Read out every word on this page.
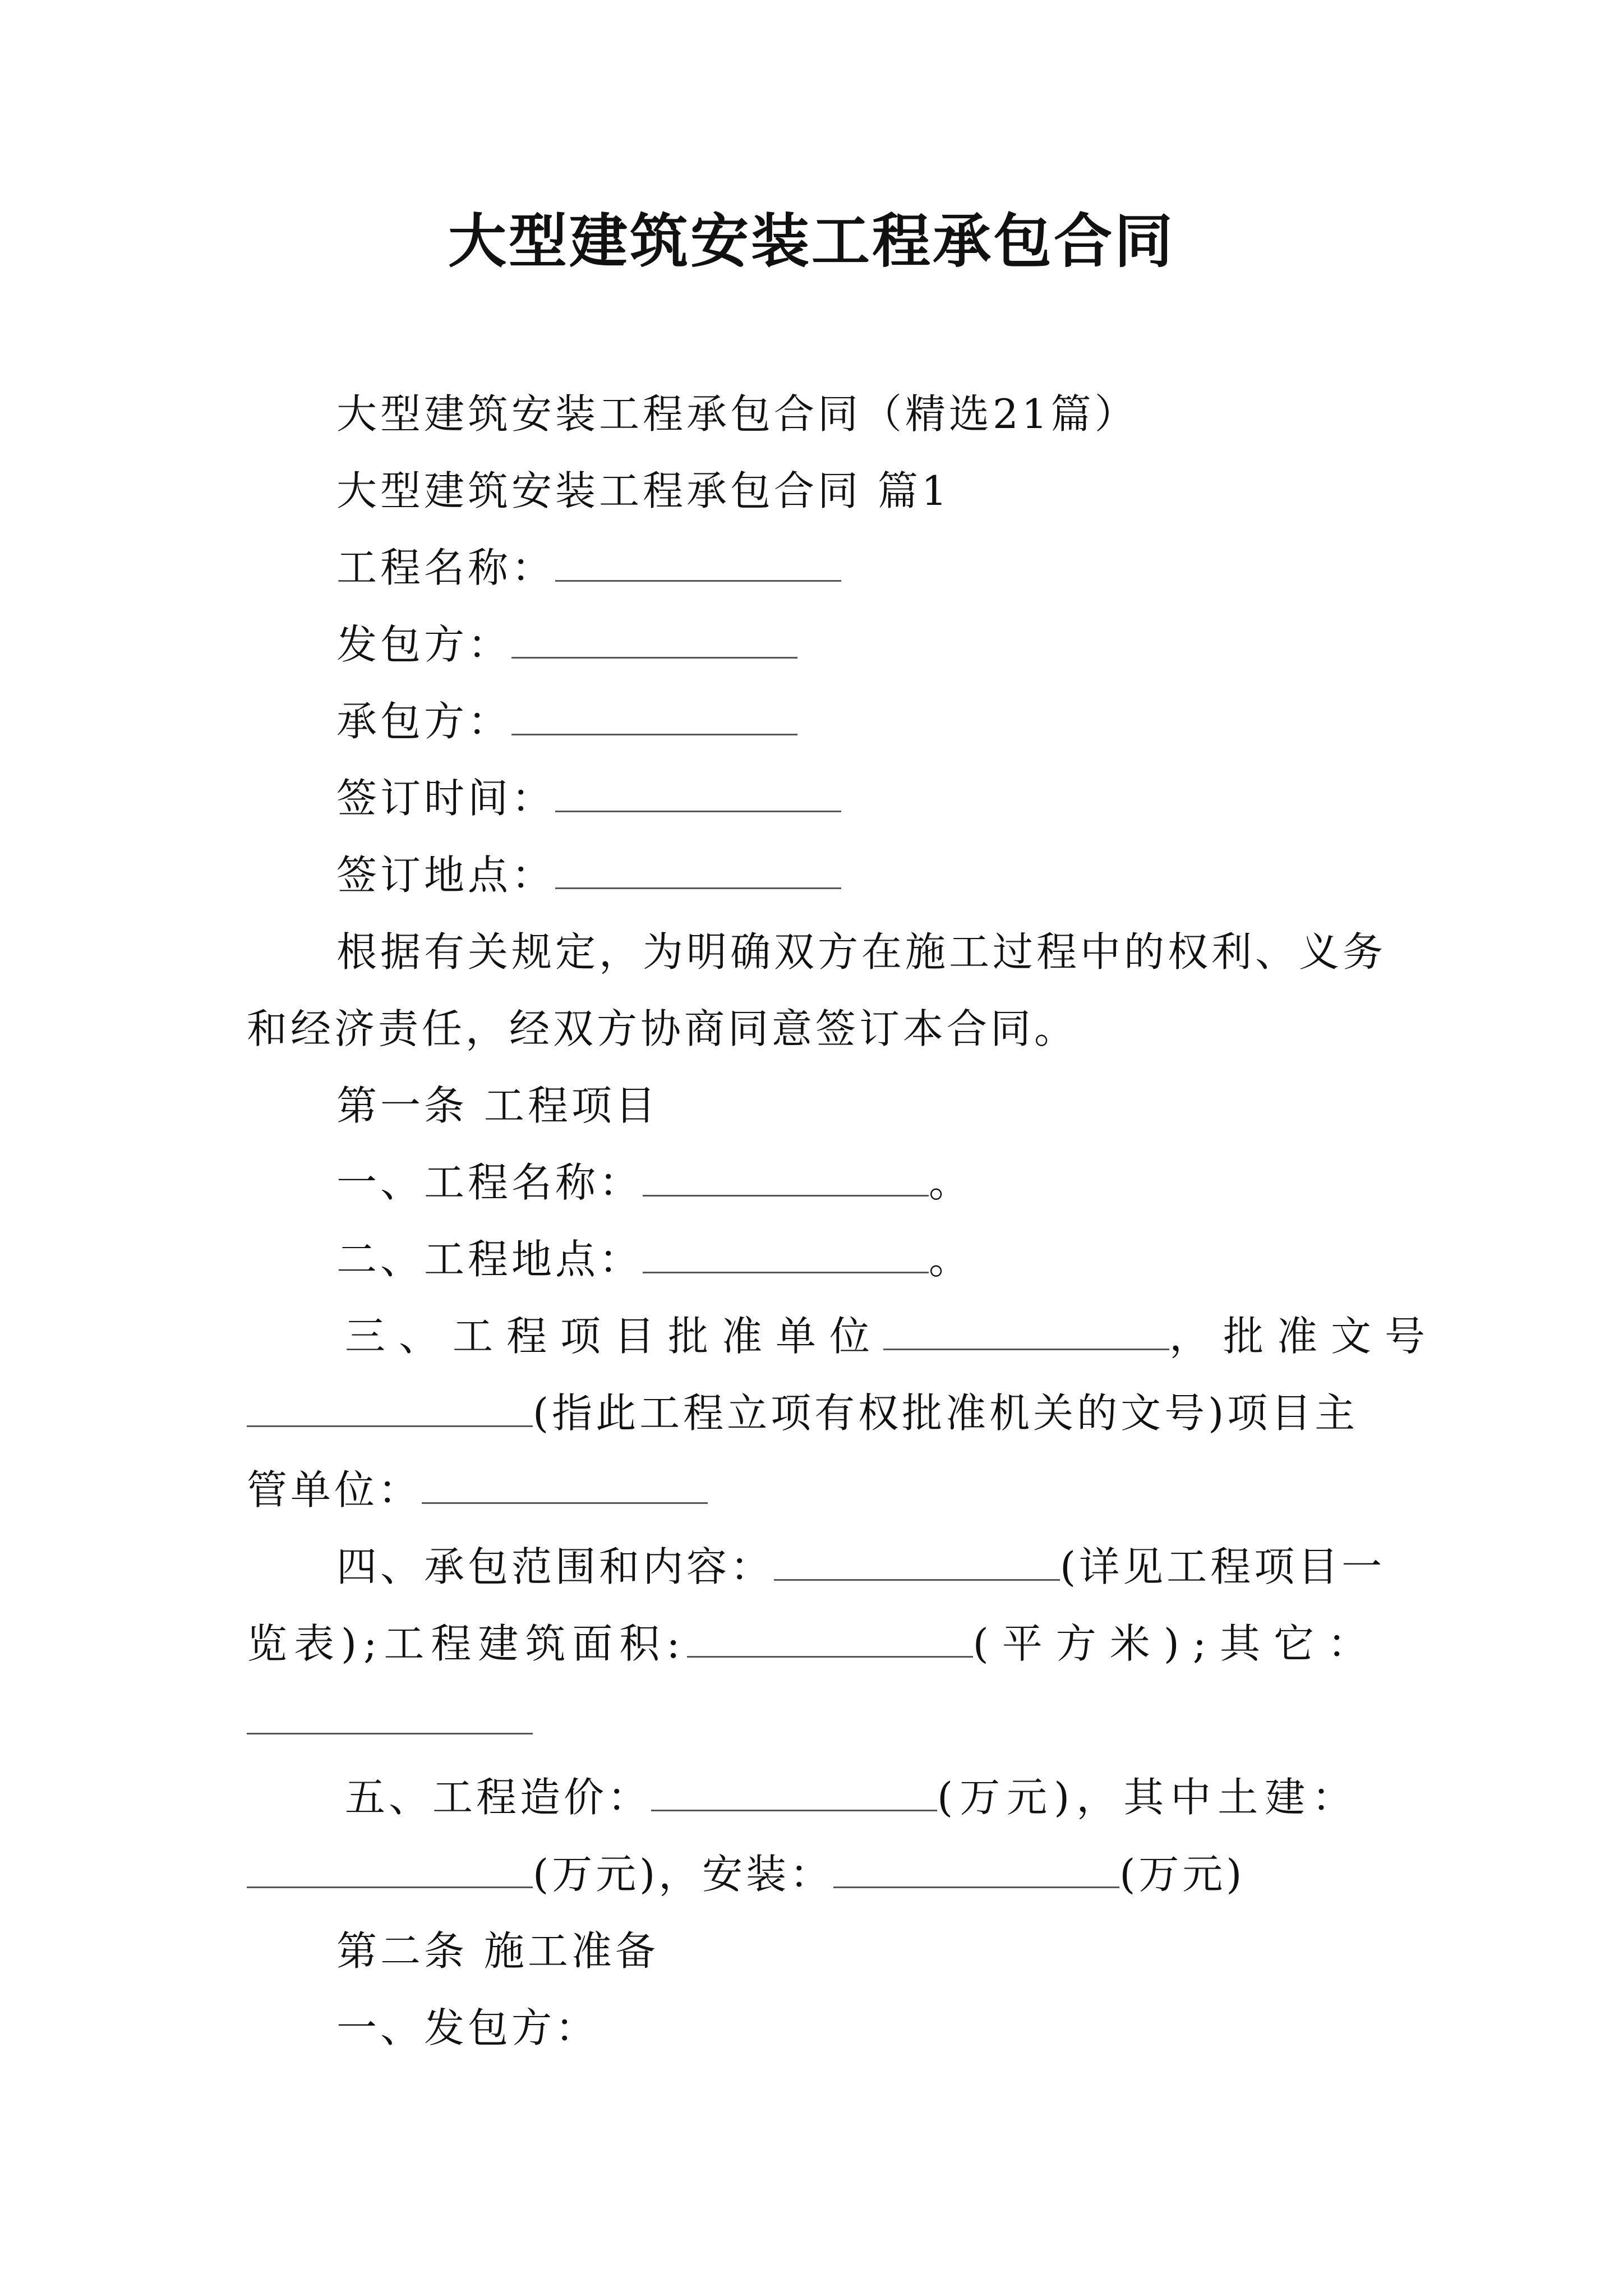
大型建筑安装工程承包合同

大型建筑安装工程承包合同（精选21篇）

大型建筑安装工程承包合同 篇1

工程名称：

发包方：

承包方：

签订时间：

签订地点：

根据有关规定，为明确双方在施工过程中的权利、义务和经济责任，经双方协商同意签订本合同。

第一条 工程项目

一、工程名称：	。

二、工程地点：	。

三、工程项目批准单位	，批准文号

(指此工程立项有权批准机关的文号)项目主

管单位：

四、承包范围和内容：	(详见工程项目一

览表);工程建筑面积:	(平方米);其它：

五、工程造价：	(万元)，其中土建：

(万元)，安装：	(万元)

第二条 施工准备

一、发包方：
